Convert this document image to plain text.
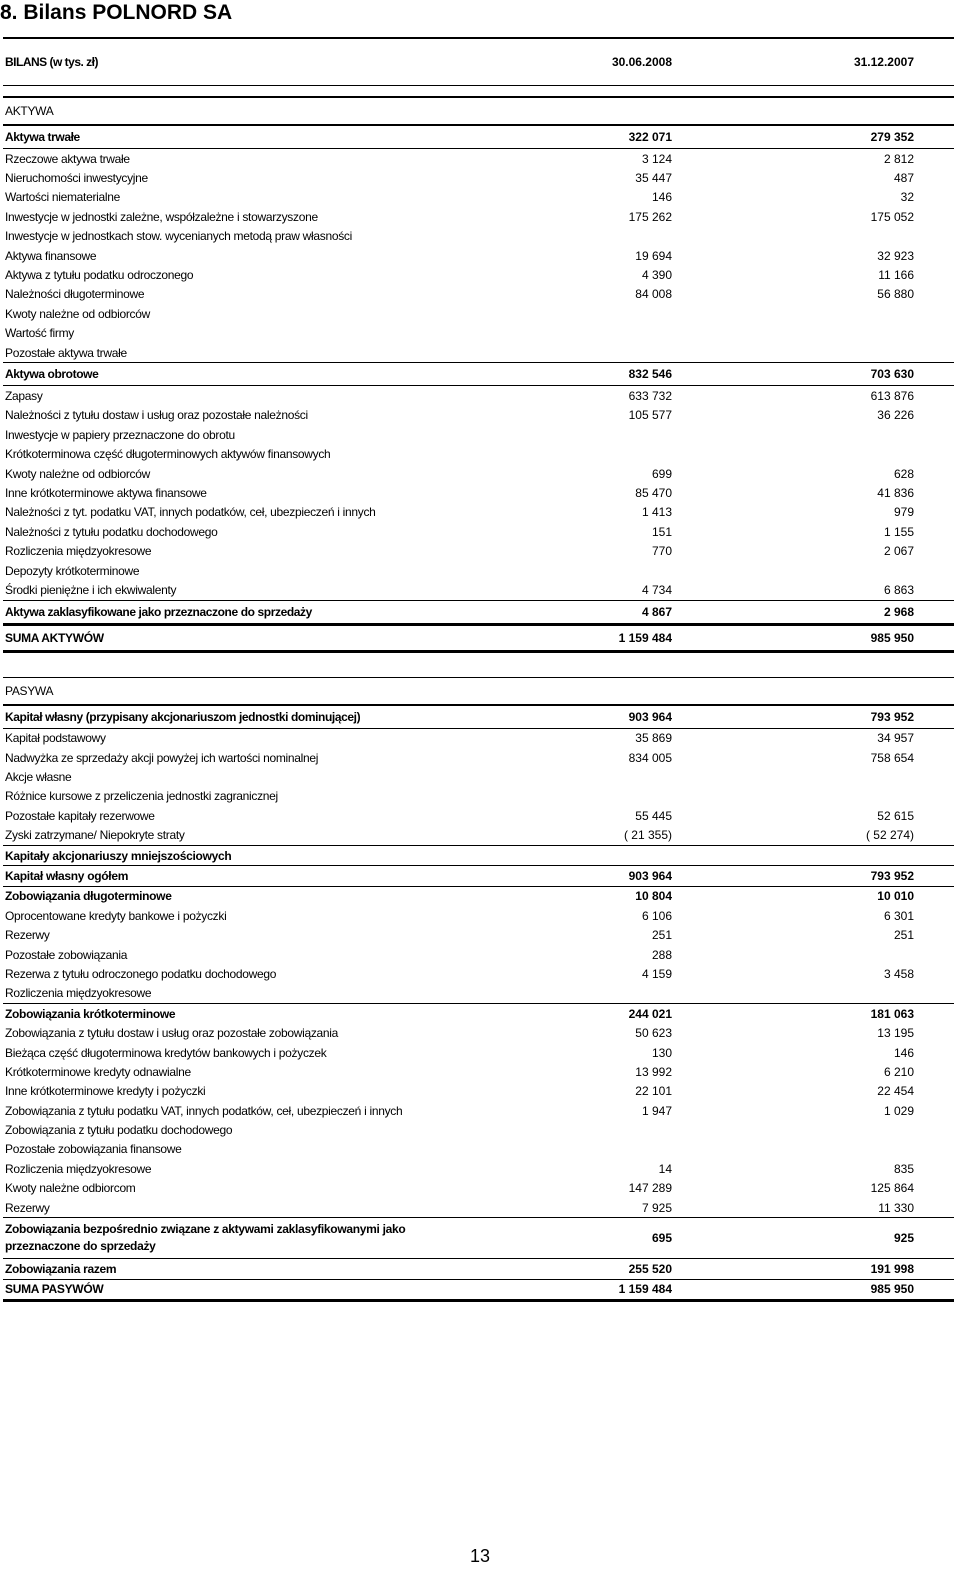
8. Bilans POLNORD SA
BILANS (w tys. zł)	30.06.2008	31.12.2007
AKTYWA
Aktywa trwałe	322 071	279 352
Rzeczowe aktywa trwałe	3 124	2 812
Nieruchomości inwestycyjne	35 447	487
Wartości niematerialne	146	32
Inwestycje w jednostki zależne, współzależne i stowarzyszone	175 262	175 052
Inwestycje w jednostkach stow. wycenianych metodą praw własności
Aktywa finansowe	19 694	32 923
Aktywa z tytułu podatku odroczonego	4 390	11 166
Należności długoterminowe	84 008	56 880
Kwoty należne od odbiorców
Wartość firmy
Pozostałe aktywa trwałe
Aktywa obrotowe	832 546	703 630
Zapasy	633 732	613 876
Należności z tytułu dostaw i usług oraz pozostałe należności	105 577	36 226
Inwestycje w papiery przeznaczone do obrotu
Krótkoterminowa część długoterminowych aktywów finansowych
Kwoty należne od odbiorców	699	628
Inne krótkoterminowe aktywa finansowe	85 470	41 836
Należności z tyt. podatku VAT, innych podatków, ceł, ubezpieczeń i innych	1 413	979
Należności z tytułu podatku dochodowego	151	1 155
Rozliczenia międzyokresowe	770	2 067
Depozyty krótkoterminowe
Środki pieniężne i ich ekwiwalenty	4 734	6 863
Aktywa zaklasyfikowane jako przeznaczone do sprzedaży	4 867	2 968
SUMA AKTYWÓW	1 159 484	985 950
PASYWA
Kapitał własny (przypisany akcjonariuszom jednostki dominującej)	903 964	793 952
Kapitał podstawowy	35 869	34 957
Nadwyżka ze sprzedaży akcji powyżej ich wartości nominalnej	834 005	758 654
Akcje własne
Różnice kursowe z przeliczenia jednostki zagranicznej
Pozostałe kapitały rezerwowe	55 445	52 615
Zyski zatrzymane/ Niepokryte straty	( 21 355)	( 52 274)
Kapitały akcjonariuszy mniejszościowych
Kapitał własny ogółem	903 964	793 952
Zobowiązania długoterminowe	10 804	10 010
Oprocentowane kredyty bankowe i pożyczki	6 106	6 301
Rezerwy	251	251
Pozostałe zobowiązania	288
Rezerwa z tytułu odroczonego podatku dochodowego	4 159	3 458
Rozliczenia międzyokresowe
Zobowiązania krótkoterminowe	244 021	181 063
Zobowiązania z tytułu dostaw i usług oraz pozostałe zobowiązania	50 623	13 195
Bieżąca część długoterminowa kredytów bankowych i pożyczek	130	146
Krótkoterminowe kredyty odnawialne	13 992	6 210
Inne krótkoterminowe kredyty i pożyczki	22 101	22 454
Zobowiązania z tytułu podatku VAT, innych podatków, ceł, ubezpieczeń i innych	1 947	1 029
Zobowiązania z tytułu podatku dochodowego
Pozostałe zobowiązania finansowe
Rozliczenia międzyokresowe	14	835
Kwoty należne odbiorcom	147 289	125 864
Rezerwy	7 925	11 330
Zobowiązania bezpośrednio związane z aktywami zaklasyfikowanymi jako przeznaczone do sprzedaży
695	925
Zobowiązania razem	255 520	191 998
SUMA PASYWÓW	1 159 484	985 950
13
